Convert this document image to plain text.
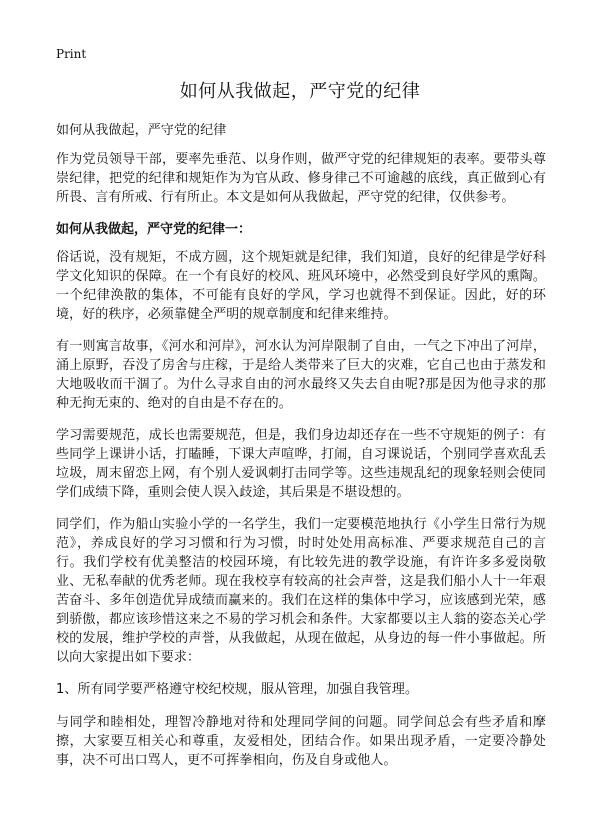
Print
如何从我做起，严守党的纪律

如何从我做起，严守党的纪律

作为党员领导干部，要率先垂范、以身作则，做严守党的纪律规矩的表率。要带头尊崇纪律，把党的纪律和规矩作为为官从政、修身律己不可逾越的底线，真正做到心有所畏、言有所戒、行有所止。本文是如何从我做起，严守党的纪律，仅供参考。

如何从我做起，严守党的纪律一：

俗话说，没有规矩，不成方圆，这个规矩就是纪律，我们知道，良好的纪律是学好科学文化知识的保障。在一个有良好的校风、班风环境中，必然受到良好学风的熏陶。一个纪律涣散的集体，不可能有良好的学风，学习也就得不到保证。因此，好的环境，好的秩序，必须靠健全严明的规章制度和纪律来维持。

有一则寓言故事，《河水和河岸》，河水认为河岸限制了自由，一气之下冲出了河岸，涌上原野，吞没了房舍与庄稼，于是给人类带来了巨大的灾难，它自己也由于蒸发和大地吸收而干涸了。为什么寻求自由的河水最终又失去自由呢?那是因为他寻求的那种无拘无束的、绝对的自由是不存在的。

学习需要规范，成长也需要规范，但是，我们身边却还存在一些不守规矩的例子：有些同学上课讲小话，打瞌睡，下课大声喧哗，打闹，自习课说话，个别同学喜欢乱丢垃圾，周末留恋上网，有个别人爱讽刺打击同学等。这些违规乱纪的现象轻则会使同学们成绩下降，重则会使人误入歧途，其后果是不堪设想的。

同学们，作为船山实验小学的一名学生，我们一定要模范地执行《小学生日常行为规范》，养成良好的学习习惯和行为习惯，时时处处用高标准、严要求规范自己的言行。我们学校有优美整洁的校园环境，有比较先进的教学设施，有许许多多爱岗敬业、无私奉献的优秀老师。现在我校享有较高的社会声誉，这是我们船小人十一年艰苦奋斗、多年创造优异成绩而赢来的。我们在这样的集体中学习，应该感到光荣，感到骄傲，都应该珍惜这来之不易的学习机会和条件。大家都要以主人翁的姿态关心学校的发展，维护学校的声誉，从我做起，从现在做起，从身边的每一件小事做起。所以向大家提出如下要求：

1、所有同学要严格遵守校纪校规，服从管理，加强自我管理。

与同学和睦相处，理智冷静地对待和处理同学间的问题。同学间总会有些矛盾和摩擦，大家要互相关心和尊重，友爱相处，团结合作。如果出现矛盾，一定要冷静处事，决不可出口骂人，更不可挥拳相向，伤及自身或他人。
